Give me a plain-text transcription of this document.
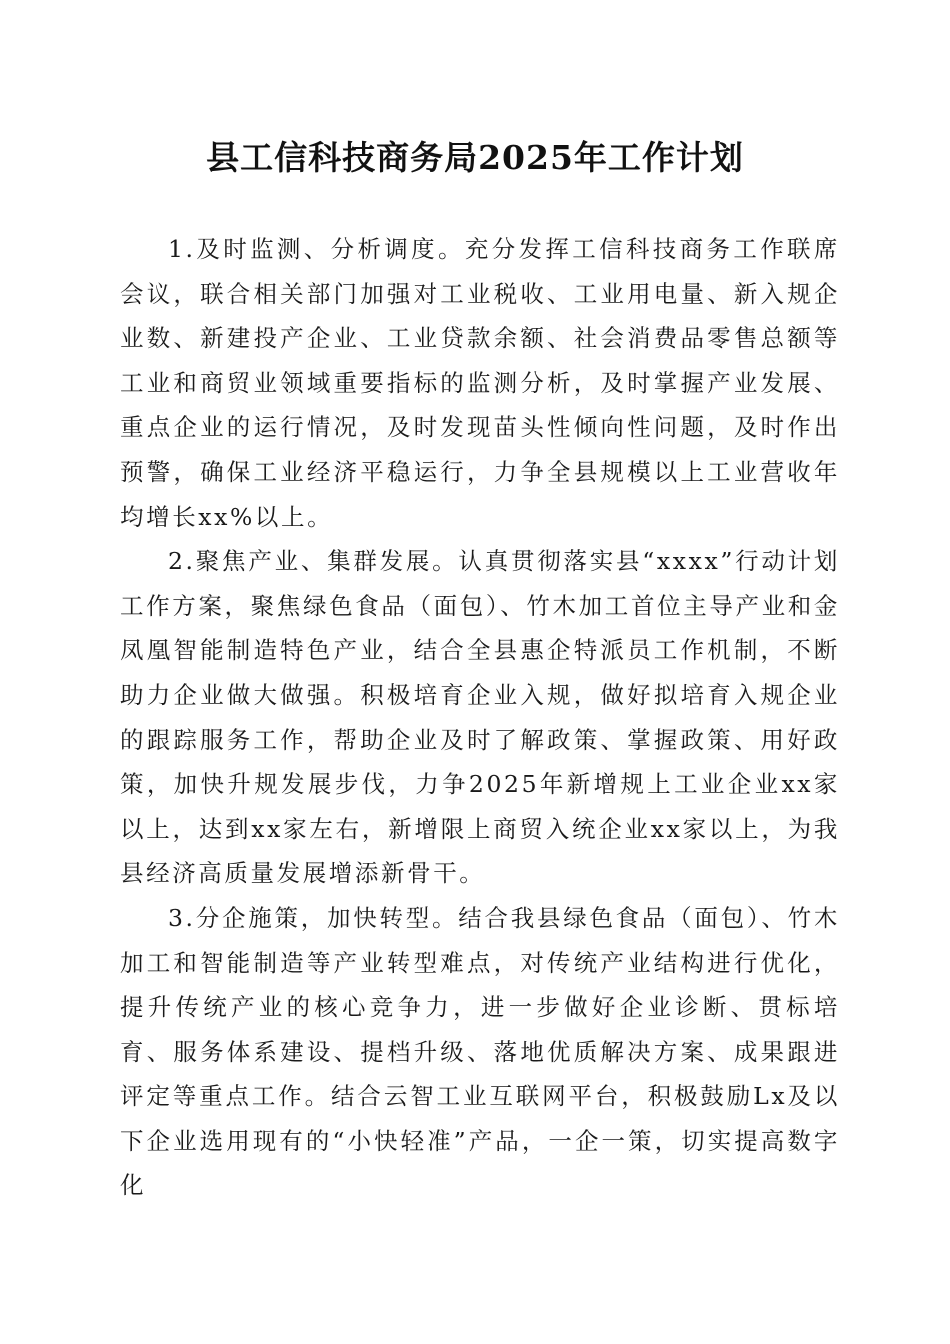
县工信科技商务局2025年工作计划

1.及时监测、分析调度。充分发挥工信科技商务工作联席会议，联合相关部门加强对工业税收、工业用电量、新入规企业数、新建投产企业、工业贷款余额、社会消费品零售总额等工业和商贸业领域重要指标的监测分析，及时掌握产业发展、重点企业的运行情况，及时发现苗头性倾向性问题，及时作出预警，确保工业经济平稳运行，力争全县规模以上工业营收年均增长xx%以上。

2.聚焦产业、集群发展。认真贯彻落实县“xxxx”行动计划工作方案，聚焦绿色食品（面包）、竹木加工首位主导产业和金凤凰智能制造特色产业，结合全县惠企特派员工作机制，不断助力企业做大做强。积极培育企业入规，做好拟培育入规企业的跟踪服务工作，帮助企业及时了解政策、掌握政策、用好政策，加快升规发展步伐，力争2025年新增规上工业企业xx家以上，达到xx家左右，新增限上商贸入统企业xx家以上，为我县经济高质量发展增添新骨干。

3.分企施策，加快转型。结合我县绿色食品（面包）、竹木加工和智能制造等产业转型难点，对传统产业结构进行优化，提升传统产业的核心竞争力，进一步做好企业诊断、贯标培育、服务体系建设、提档升级、落地优质解决方案、成果跟进评定等重点工作。结合云智工业互联网平台，积极鼓励Lx及以下企业选用现有的“小快轻准”产品，一企一策，切实提高数字化
